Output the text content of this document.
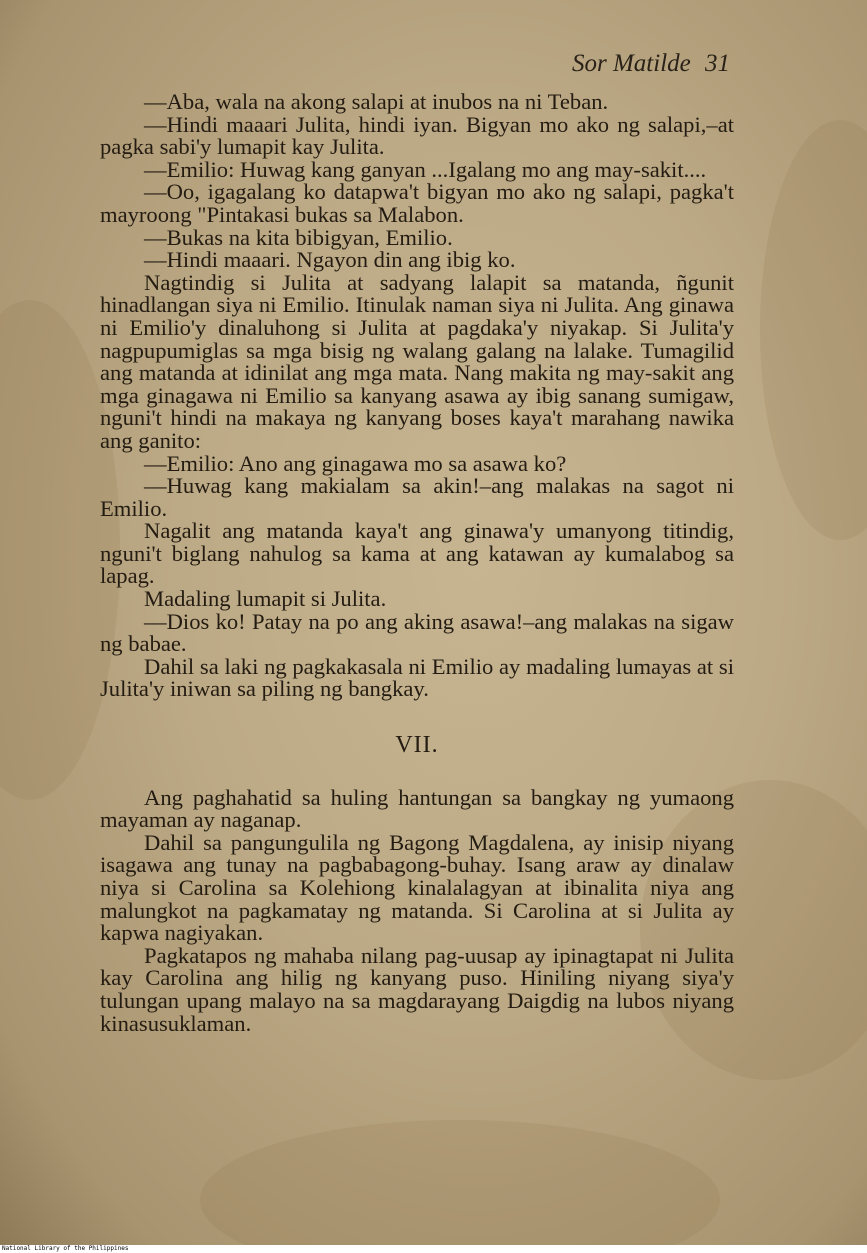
Sor Matilde 31

—Aba, wala na akong salapi at inubos na ni Teban.

—Hindi maaari Julita, hindi iyan. Bigyan mo ako ng salapi,–at pagka sabi'y lumapit kay Julita.

—Emilio: Huwag kang ganyan ...Igalang mo ang may-sakit....

—Oo, igagalang ko datapwa't bigyan mo ako ng salapi, pagka't mayroong "Pintakasi bukas sa Malabon.

—Bukas na kita bibigyan, Emilio.

—Hindi maaari. Ngayon din ang ibig ko.

Nagtindig si Julita at sadyang lalapit sa matanda, ñgunit hinadlangan siya ni Emilio. Itinulak naman siya ni Julita. Ang ginawa ni Emilio'y dinaluhong si Julita at pagdaka'y niyakap. Si Julita'y nagpupumiglas sa mga bisig ng walang galang na lalake. Tumagilid ang matanda at idinilat ang mga mata. Nang makita ng may-sakit ang mga ginagawa ni Emilio sa kanyang asawa ay ibig sanang sumigaw, nguni't hindi na makaya ng kanyang boses kaya't marahang nawika ang ganito:

—Emilio: Ano ang ginagawa mo sa asawa ko?

—Huwag kang makialam sa akin!–ang malakas na sagot ni Emilio.

Nagalit ang matanda kaya't ang ginawa'y umanyong titindig, nguni't biglang nahulog sa kama at ang katawan ay kumalabog sa lapag.

Madaling lumapit si Julita.

—Dios ko! Patay na po ang aking asawa!–ang malakas na sigaw ng babae.

Dahil sa laki ng pagkakasala ni Emilio ay madaling lumayas at si Julita'y iniwan sa piling ng bangkay.

VII.

Ang paghahatid sa huling hantungan sa bangkay ng yumaong mayaman ay naganap.

Dahil sa pangungulila ng Bagong Magdalena, ay inisip niyang isagawa ang tunay na pagbabagong-buhay. Isang araw ay dinalaw niya si Carolina sa Kolehiong kinalalagyan at ibinalita niya ang malungkot na pagkamatay ng matanda. Si Carolina at si Julita ay kapwa nagiyakan.

Pagkatapos ng mahaba nilang pag-uusap ay ipinagtapat ni Julita kay Carolina ang hilig ng kanyang puso. Hiniling niyang siya'y tulungan upang malayo na sa magdarayang Daigdig na lubos niyang kinasusuklaman.

National Library of the Philippines
